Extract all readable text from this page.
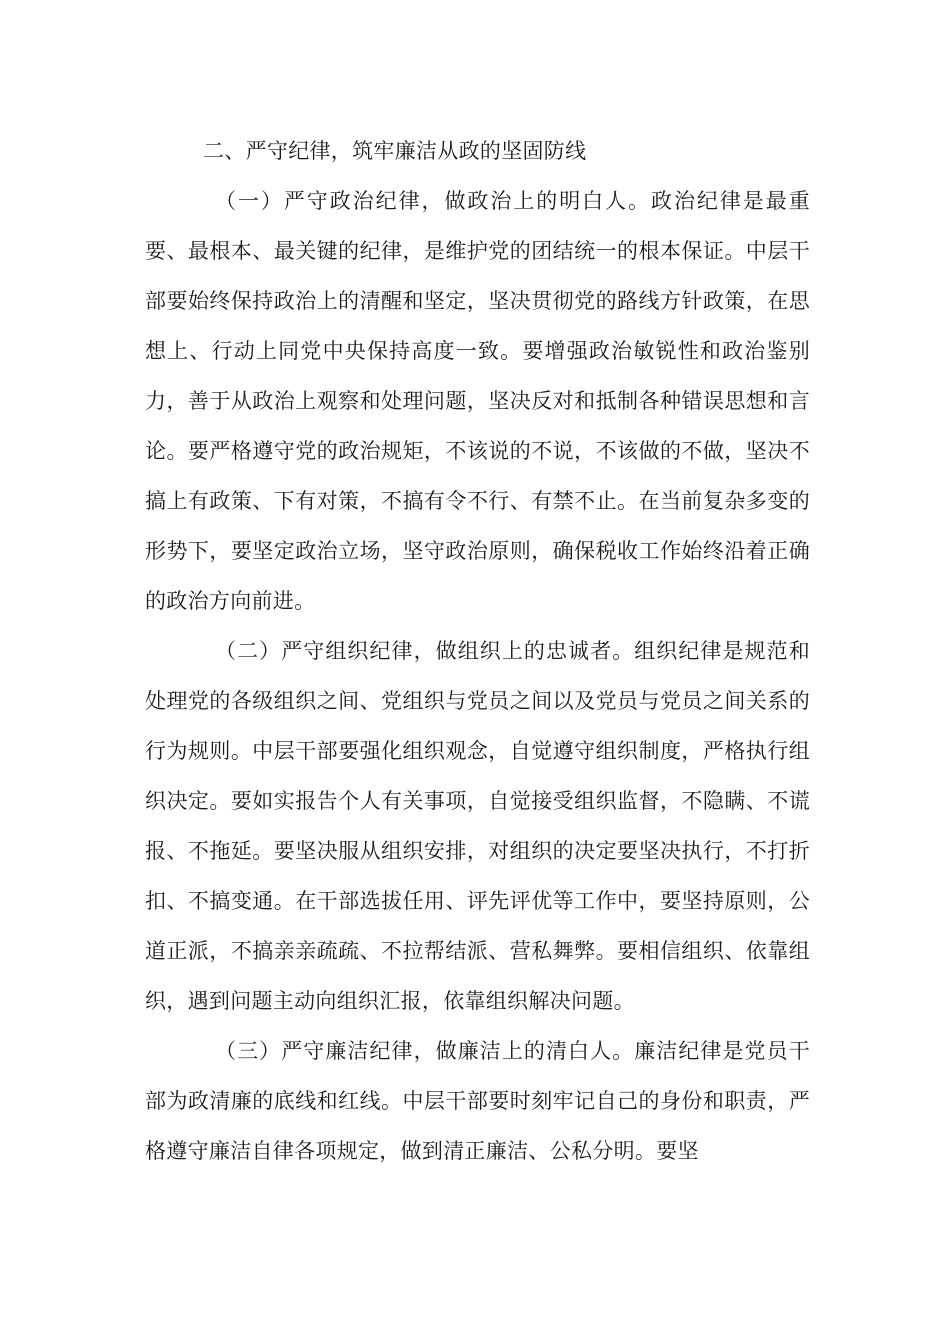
二、严守纪律，筑牢廉洁从政的坚固防线

（一）严守政治纪律，做政治上的明白人。政治纪律是最重要、最根本、最关键的纪律，是维护党的团结统一的根本保证。中层干部要始终保持政治上的清醒和坚定，坚决贯彻党的路线方针政策，在思想上、行动上同党中央保持高度一致。要增强政治敏锐性和政治鉴别力，善于从政治上观察和处理问题，坚决反对和抵制各种错误思想和言论。要严格遵守党的政治规矩，不该说的不说，不该做的不做，坚决不搞上有政策、下有对策，不搞有令不行、有禁不止。在当前复杂多变的形势下，要坚定政治立场，坚守政治原则，确保税收工作始终沿着正确的政治方向前进。

（二）严守组织纪律，做组织上的忠诚者。组织纪律是规范和处理党的各级组织之间、党组织与党员之间以及党员与党员之间关系的行为规则。中层干部要强化组织观念，自觉遵守组织制度，严格执行组织决定。要如实报告个人有关事项，自觉接受组织监督，不隐瞒、不谎报、不拖延。要坚决服从组织安排，对组织的决定要坚决执行，不打折扣、不搞变通。在干部选拔任用、评先评优等工作中，要坚持原则，公道正派，不搞亲亲疏疏、不拉帮结派、营私舞弊。要相信组织、依靠组织，遇到问题主动向组织汇报，依靠组织解决问题。

（三）严守廉洁纪律，做廉洁上的清白人。廉洁纪律是党员干部为政清廉的底线和红线。中层干部要时刻牢记自己的身份和职责，严格遵守廉洁自律各项规定，做到清正廉洁、公私分明。要坚
